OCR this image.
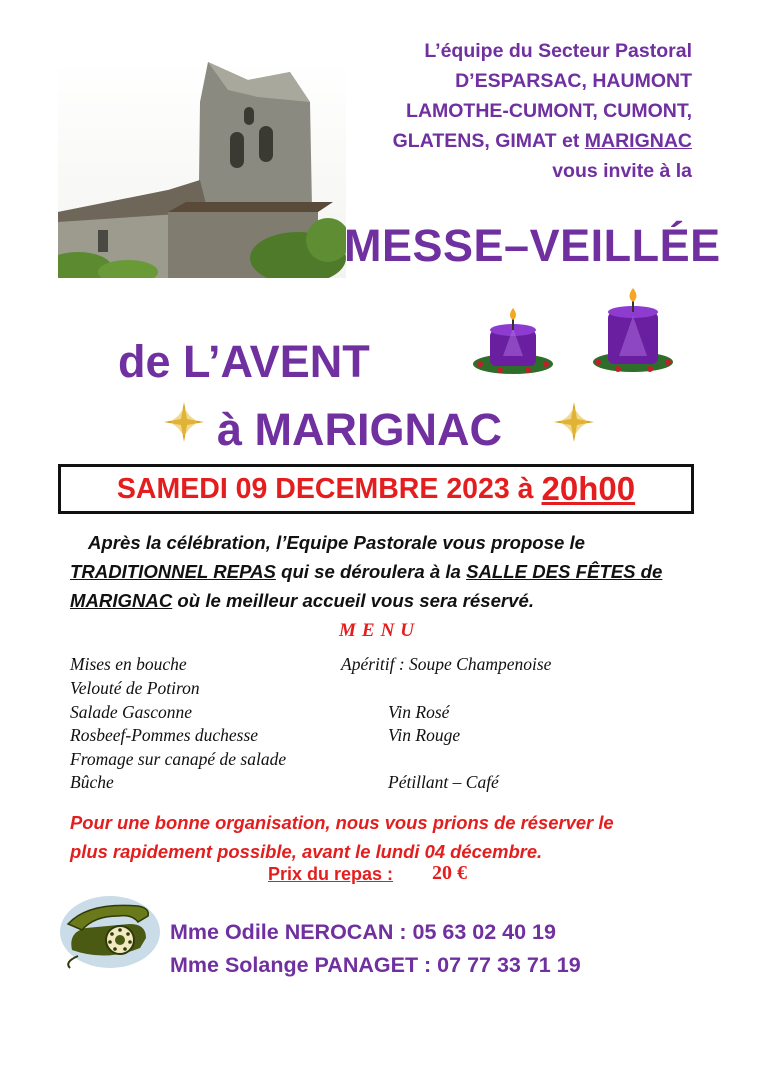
L’équipe du Secteur Pastoral
D’ESPARSAC, HAUMONT
LAMOTHE-CUMONT, CUMONT,
GLATENS, GIMAT et MARIGNAC
vous invite à la
MESSE–VEILLÉE
de L’AVENT
à MARIGNAC
SAMEDI 09 DECEMBRE 2023 à 20h00
Après la célébration, l’Equipe Pastorale vous propose le
TRADITIONNEL REPAS qui se déroulera à la SALLE DES FÊTES de
MARIGNAC où le meilleur accueil vous sera réservé.
MENU
Mises en bouche
Velouté de Potiron
Salade Gasconne
Rosbeef-Pommes duchesse
Fromage sur canapé de salade
Bûche
Apéritif : Soupe Champenoise
Vin Rosé
Vin Rouge
Pétillant – Café
Pour une bonne organisation, nous vous prions de réserver le
plus rapidement possible, avant le lundi 04 décembre.
Prix du repas : 20 €
Mme Odile NEROCAN : 05 63 02 40 19
Mme Solange PANAGET : 07 77 33 71 19
